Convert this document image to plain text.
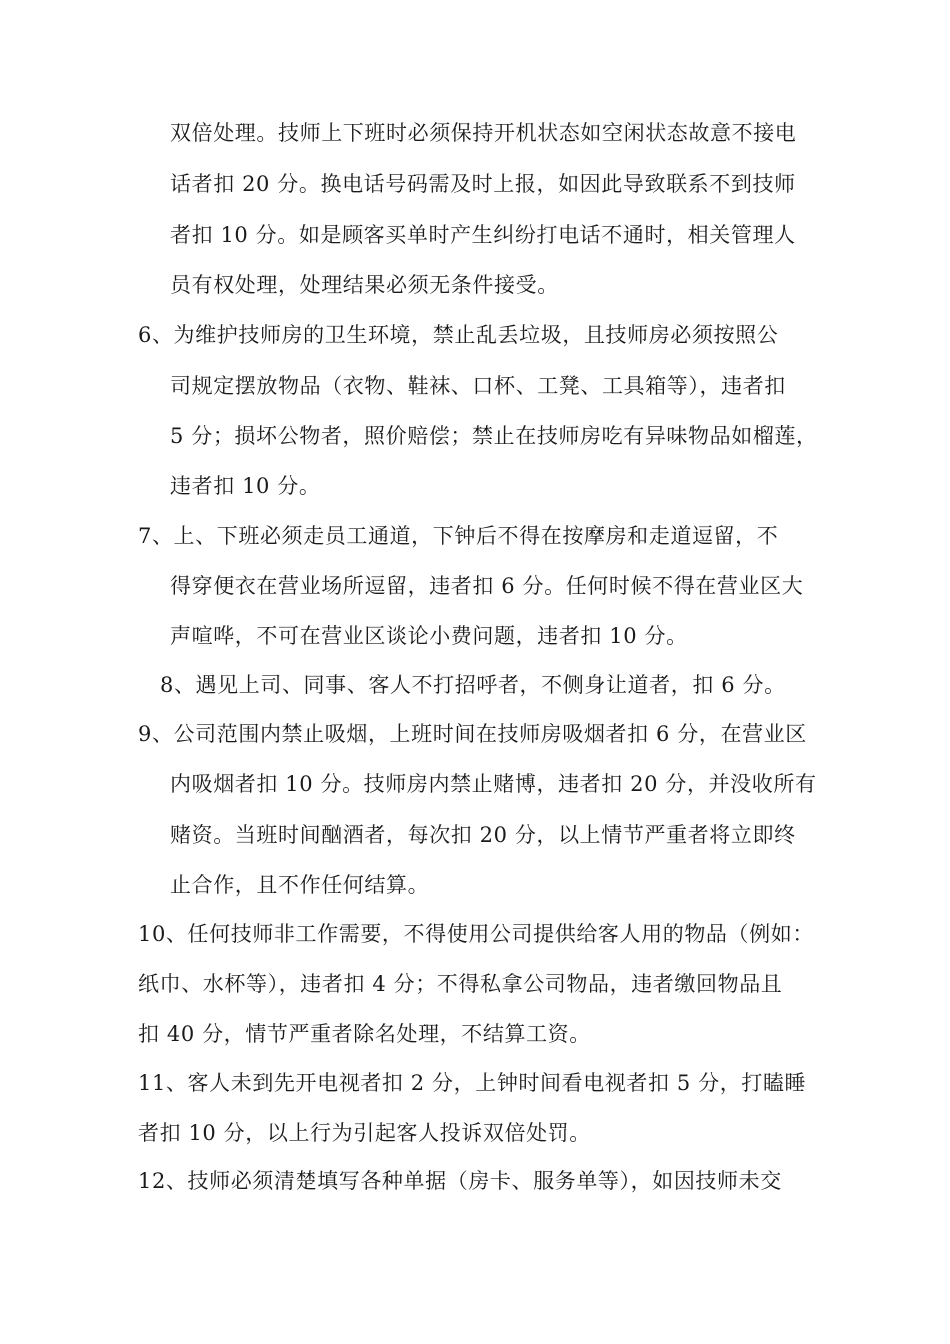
双倍处理。技师上下班时必须保持开机状态如空闲状态故意不接电
话者扣 20 分。换电话号码需及时上报，如因此导致联系不到技师
者扣 10 分。如是顾客买单时产生纠纷打电话不通时，相关管理人
员有权处理，处理结果必须无条件接受。
6、为维护技师房的卫生环境，禁止乱丢垃圾，且技师房必须按照公
司规定摆放物品（衣物、鞋袜、口杯、工凳、工具箱等），违者扣
5 分；损坏公物者，照价赔偿；禁止在技师房吃有异味物品如榴莲，
违者扣 10 分。
7、上、下班必须走员工通道，下钟后不得在按摩房和走道逗留，不
得穿便衣在营业场所逗留，违者扣 6 分。任何时候不得在营业区大
声喧哗，不可在营业区谈论小费问题，违者扣 10 分。
8、遇见上司、同事、客人不打招呼者，不侧身让道者，扣 6 分。
9、公司范围内禁止吸烟，上班时间在技师房吸烟者扣 6 分，在营业区
内吸烟者扣 10 分。技师房内禁止赌博，违者扣 20 分，并没收所有
赌资。当班时间酗酒者，每次扣 20 分，以上情节严重者将立即终
止合作，且不作任何结算。
10、任何技师非工作需要，不得使用公司提供给客人用的物品（例如：
纸巾、水杯等），违者扣 4 分；不得私拿公司物品，违者缴回物品且
扣 40 分，情节严重者除名处理，不结算工资。
11、客人未到先开电视者扣 2 分，上钟时间看电视者扣 5 分，打瞌睡
者扣 10 分，以上行为引起客人投诉双倍处罚。
12、技师必须清楚填写各种单据（房卡、服务单等），如因技师未交
